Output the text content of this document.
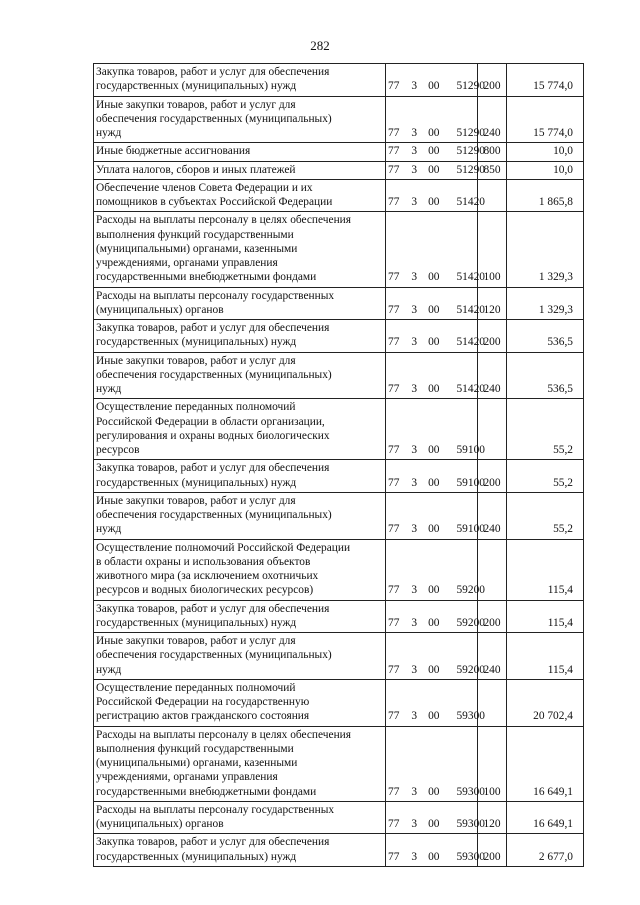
282
Закупка товаров, работ и услуг для обеспечения
государственных (муниципальных) нужд	77 3 00 51290	200	15 774,0

Иные закупки товаров, работ и услуг для
обеспечения государственных (муниципальных)
нужд	77 3 00 51290	240	15 774,0

Иные бюджетные ассигнования	77 3 00 51290	800	10,0

Уплата налогов, сборов и иных платежей	77 3 00 51290	850	10,0

Обеспечение членов Совета Федерации и их
помощников в субъектах Российской Федерации	77 3 00 51420		1 865,8

Расходы на выплаты персоналу в целях обеспечения
выполнения функций государственными
(муниципальными) органами, казенными
учреждениями, органами управления
государственными внебюджетными фондами	77 3 00 51420	100	1 329,3

Расходы на выплаты персоналу государственных
(муниципальных) органов	77 3 00 51420	120	1 329,3

Закупка товаров, работ и услуг для обеспечения
государственных (муниципальных) нужд	77 3 00 51420	200	536,5

Иные закупки товаров, работ и услуг для
обеспечения государственных (муниципальных)
нужд	77 3 00 51420	240	536,5

Осуществление переданных полномочий
Российской Федерации в области организации,
регулирования и охраны водных биологических
ресурсов	77 3 00 59100		55,2

Закупка товаров, работ и услуг для обеспечения
государственных (муниципальных) нужд	77 3 00 59100	200	55,2

Иные закупки товаров, работ и услуг для
обеспечения государственных (муниципальных)
нужд	77 3 00 59100	240	55,2

Осуществление полномочий Российской Федерации
в области охраны и использования объектов
животного мира (за исключением охотничьих
ресурсов и водных биологических ресурсов)	77 3 00 59200		115,4

Закупка товаров, работ и услуг для обеспечения
государственных (муниципальных) нужд	77 3 00 59200	200	115,4

Иные закупки товаров, работ и услуг для
обеспечения государственных (муниципальных)
нужд	77 3 00 59200	240	115,4

Осуществление переданных полномочий
Российской Федерации на государственную
регистрацию актов гражданского состояния	77 3 00 59300		20 702,4

Расходы на выплаты персоналу в целях обеспечения
выполнения функций государственными
(муниципальными) органами, казенными
учреждениями, органами управления
государственными внебюджетными фондами	77 3 00 59300	100	16 649,1

Расходы на выплаты персоналу государственных
(муниципальных) органов	77 3 00 59300	120	16 649,1

Закупка товаров, работ и услуг для обеспечения
государственных (муниципальных) нужд	77 3 00 59300	200	2 677,0
